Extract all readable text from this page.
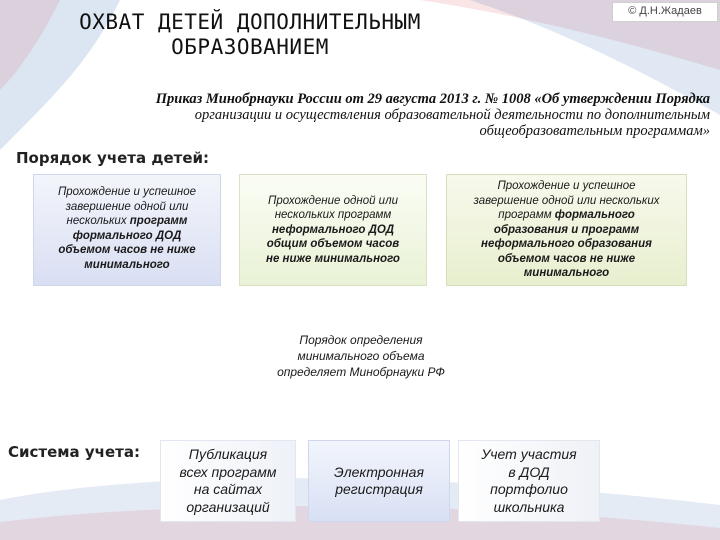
© Д.Н.Жадаев
ОХВАТ ДЕТЕЙ ДОПОЛНИТЕЛЬНЫМ
ОБРАЗОВАНИЕМ
Приказ Минобрнауки России от 29 августа 2013 г. № 1008 «Об утверждении Порядка
организации и осуществления образовательной деятельности по дополнительным
общеобразовательным программам»
Порядок учета детей:
Прохождение и успешное
завершение одной или
нескольких программ
формального ДОД
объемом часов не ниже
минимального
Прохождение одной или
нескольких программ
неформального ДОД
общим объемом часов
не ниже минимального
Прохождение и успешное
завершение одной или нескольких
программ формального
образования и программ
неформального образования
объемом часов не ниже
минимального
Порядок определения
минимального объема
определяет Минобрнауки РФ
Система учета:	Публикация
всех программ
на сайтах
организаций
Электронная
регистрация
Учет участия
в ДОД
портфолио
школьника
